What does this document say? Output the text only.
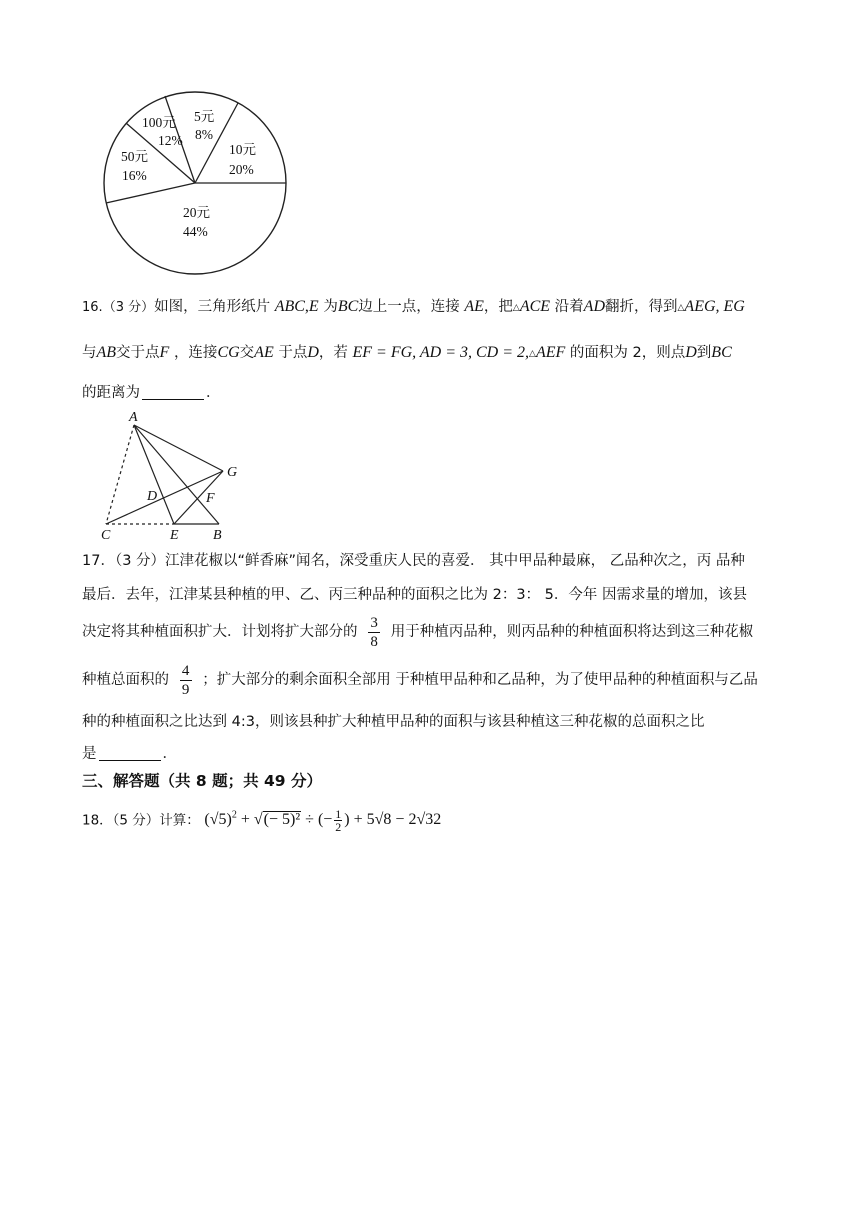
100元
12%
5元
8%
10元
20%
20元
44%
50元
16%
16.（3 分）如图，三角形纸片 ABC,E 为BC边上一点，连接 AE，把△ACE 沿着AD翻折，得到△AEG, EG
与AB交于点F ，连接CG交AE 于点D，若 EF = FG, AD = 3, CD = 2,△AEF 的面积为 2，则点D到BC
的距离为	．
A
G
D	F
C	E B
17．（3 分）江津花椒以“鲜香麻”闻名，深受重庆人民的喜爱． 其中甲品种最麻， 乙品种次之，丙 品种
最后．去年，江津某县种植的甲、乙、丙三种品种的面积之比为 2：3： 5．今年 因需求量的增加，该县
决定将其种植面积扩大．计划将扩大部分的 $\frac{3}{8}$ 用于种植丙品种，则丙品种的种植面积将达到这三种花椒
种植总面积的 $\frac{4}{9}$ ；扩大部分的剩余面积全部用 于种植甲品种和乙品种，为了使甲品种的种植面积与乙品
种的种植面积之比达到 4:3，则该县种扩大种植甲品种的面积与该县种植这三种花椒的总面积之比
是	．
三、解答题（共 8 题；共 49 分）
18．（5 分）计算： $(√5)^2$ + √(− 5)² ÷ (− $\frac{1}{2}$ ) + 5√8 − 2√32
